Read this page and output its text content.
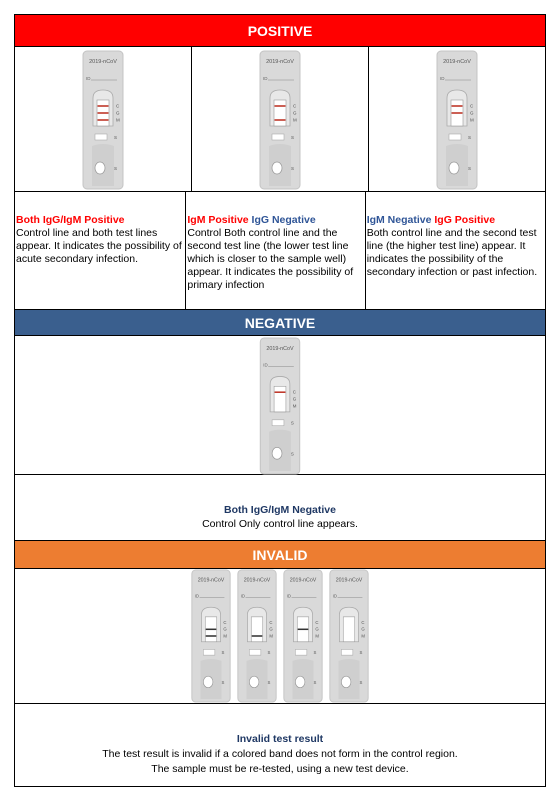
POSITIVE
2019-nCoV
ID
C
G
M
S
S
2019-nCoV
ID
C
G
M
S
S
2019-nCoV
ID
C
G
M
S
S
Both IgG/IgM Positive
Control line and both test lines appear. It indicates the possibility of acute secondary infection.
IgM Positive IgG Negative
Control Both control line and the second test line (the lower test line which is closer to the sample well) appear. It indicates the possibility of primary infection
IgM Negative IgG Positive
Both control line and the second test line (the higher test line) appear. It indicates the possibility of the secondary infection or past infection.
NEGATIVE
2019-nCoV
ID
C
G
M
S
S
Both IgG/IgM Negative
Control Only control line appears.
INVALID
2019-nCoV
ID
C
G
M
S
S
2019-nCoV
ID
C
G
M
S
S
2019-nCoV
ID
C
G
M
S
S
2019-nCoV
ID
C
G
M
S
S
Invalid test result
The test result is invalid if a colored band does not form in the control region.
The sample must be re-tested, using a new test device.
